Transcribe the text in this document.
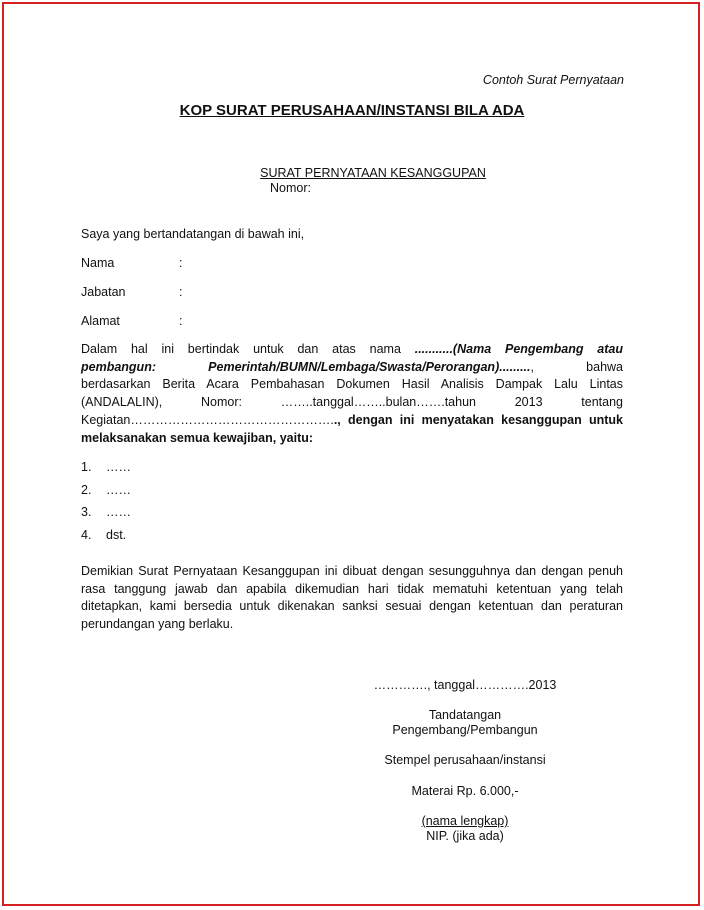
Contoh Surat Pernyataan
KOP SURAT PERUSAHAAN/INSTANSI BILA ADA
SURAT PERNYATAAN KESANGGUPAN
Nomor:
Saya yang bertandatangan di bawah ini,
Nama	:
Jabatan	:
Alamat	:
Dalam hal ini bertindak untuk dan atas nama ...........(Nama Pengembang atau
pembangun: Pemerintah/BUMN/Lembaga/Swasta/Perorangan)........., bahwa
berdasarkan Berita Acara Pembahasan Dokumen Hasil Analisis Dampak Lalu Lintas
(ANDALALIN), Nomor: ……..tanggal……..bulan…….tahun 2013 tentang
Kegiatan………………………………………….., dengan ini menyatakan kesanggupan untuk
melaksanakan semua kewajiban, yaitu:
1. ……
2. ……
3. ……
4. dst.
Demikian Surat Pernyataan Kesanggupan ini dibuat dengan sesungguhnya dan dengan penuh
rasa tanggung jawab dan apabila dikemudian hari tidak mematuhi ketentuan yang telah
ditetapkan, kami bersedia untuk dikenakan sanksi sesuai dengan ketentuan dan peraturan
perundangan yang berlaku.
…………., tanggal………….2013
Tandatangan
Pengembang/Pembangun
Stempel perusahaan/instansi
Materai Rp. 6.000,-
(nama lengkap)
NIP. (jika ada)
